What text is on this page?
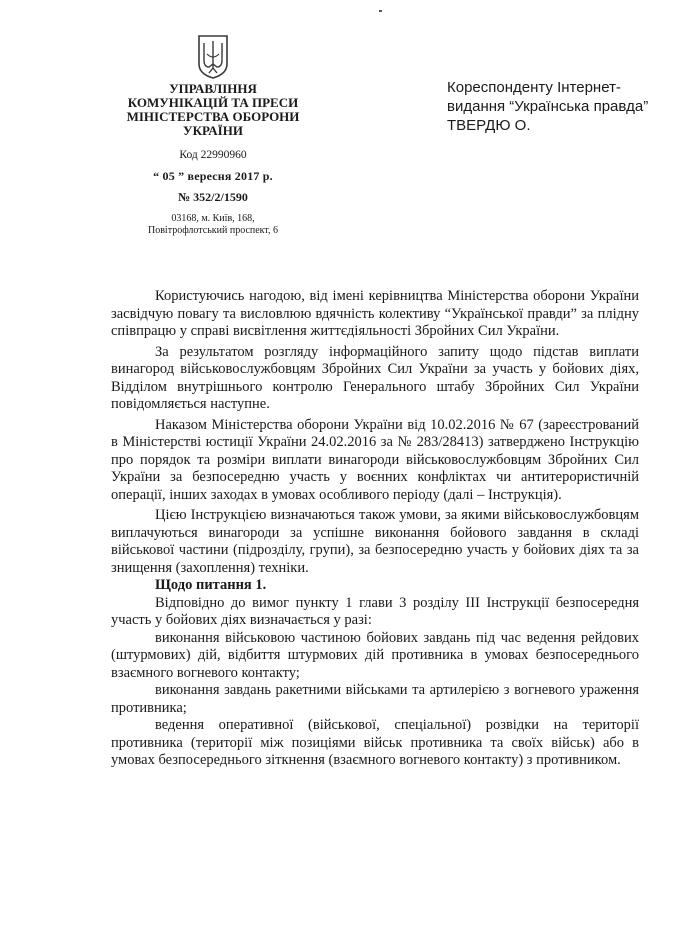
УПРАВЛІННЯ
КОМУНІКАЦІЙ ТА ПРЕСИ
МІНІСТЕРСТВА ОБОРОНИ
УКРАЇНИ
Код 22990960
“ 05 ” вересня 2017 р.
№ 352/2/1590
03168, м. Київ, 168,
Повітрофлотський проспект, 6
Кореспонденту Інтернет-
видання “Українська правда”
ТВЕРДЮ О.

Користуючись нагодою, від імені керівництва Міністерства оборони України засвідчую повагу та висловлюю вдячність колективу “Української правди” за плідну співпрацю у справі висвітлення життєдіяльності Збройних Сил України.

За результатом розгляду інформаційного запиту щодо підстав виплати винагород військовослужбовцям Збройних Сил України за участь у бойових діях, Відділом внутрішнього контролю Генерального штабу Збройних Сил України повідомляється наступне.

Наказом Міністерства оборони України від 10.02.2016 № 67 (зареєстрований в Міністерстві юстиції України 24.02.2016 за № 283/28413) затверджено Інструкцію про порядок та розміри виплати винагороди військовослужбовцям Збройних Сил України за безпосередню участь у воєнних конфліктах чи антитерористичній операції, інших заходах в умовах особливого періоду (далі – Інструкція).

Цією Інструкцією визначаються також умови, за якими військовослужбовцям виплачуються винагороди за успішне виконання бойового завдання в складі військової частини (підрозділу, групи), за безпосередню участь у бойових діях та за знищення (захоплення) техніки.

Щодо питання 1.

Відповідно до вимог пункту 1 глави 3 розділу III Інструкції безпосередня участь у бойових діях визначається у разі:

виконання військовою частиною бойових завдань під час ведення рейдових (штурмових) дій, відбиття штурмових дій противника в умовах безпосереднього взаємного вогневого контакту;

виконання завдань ракетними військами та артилерією з вогневого ураження противника;

ведення оперативної (військової, спеціальної) розвідки на території противника (території між позиціями військ противника та своїх військ) або в умовах безпосереднього зіткнення (взаємного вогневого контакту) з противником.
